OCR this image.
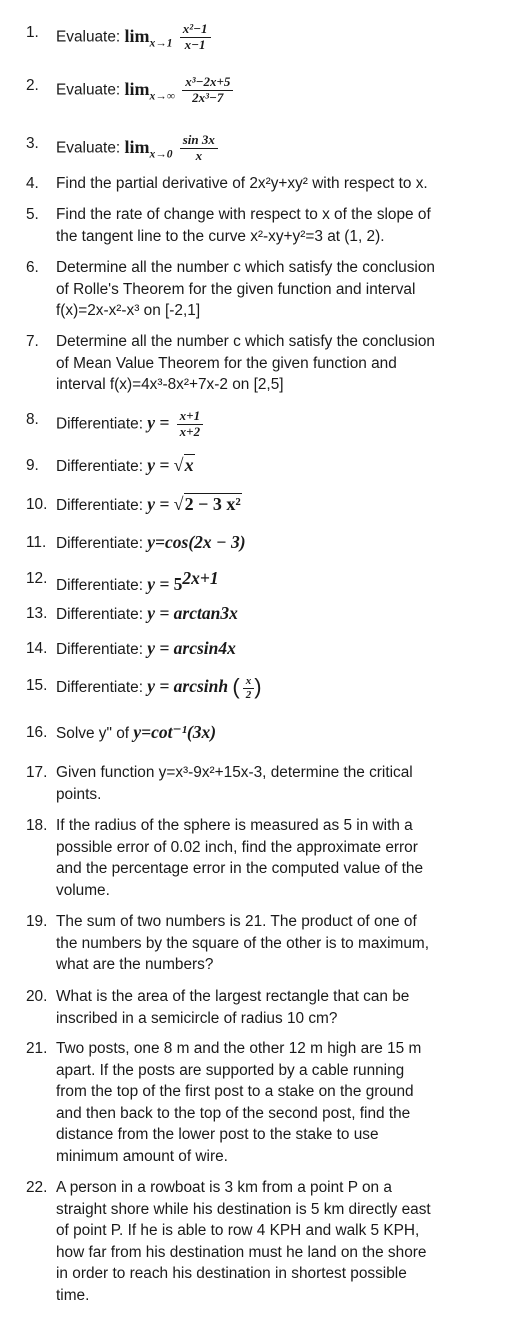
1. Evaluate: $\lim_{x\to 1} \frac{\text{x²−1}}{x-1}$
2. Evaluate: $\lim_{x\to\infty} \frac{\text{x³−2x+5}}{\text{2x³−7}}$
3. Evaluate: $\lim_{x\to 0} \frac{\sin 3x}{x}$
4. Find the partial derivative of 2x²y+xy² with respect to x.
5. Find the rate of change with respect to x of the slope of
the tangent line to the curve x²-xy+y²=3 at (1, 2).
6. Determine all the number c which satisfy the conclusion
of Rolle's Theorem for the given function and interval
f(x)=2x-x²-x³ on [-2,1]
7. Determine all the number c which satisfy the conclusion
of Mean Value Theorem for the given function and
interval f(x)=4x³-8x²+7x-2 on [2,5]
8. Differentiate: $y = \frac{x+1}{x+2}$
9. Differentiate: y = √x
10. Differentiate: y = √2 − 3 x²
11. Differentiate: y=cos(2x − 3)
12. Differentiate: $y = 5^{2x+1}$
13. Differentiate: y = arctan3x
14. Differentiate: y = arcsin4x
15. Differentiate: y = arcsinh ( $\frac{x}{2}$ )
16. Solve y" of y=cot⁻¹(3x)
17. Given function y=x³-9x²+15x-3, determine the critical
points.
18. If the radius of the sphere is measured as 5 in with a
possible error of 0.02 inch, find the approximate error
and the percentage error in the computed value of the
volume.
19. The sum of two numbers is 21. The product of one of
the numbers by the square of the other is to maximum,
what are the numbers?
20. What is the area of the largest rectangle that can be
inscribed in a semicircle of radius 10 cm?
21. Two posts, one 8 m and the other 12 m high are 15 m
apart. If the posts are supported by a cable running
from the top of the first post to a stake on the ground
and then back to the top of the second post, find the
distance from the lower post to the stake to use
minimum amount of wire.
22. A person in a rowboat is 3 km from a point P on a
straight shore while his destination is 5 km directly east
of point P. If he is able to row 4 KPH and walk 5 KPH,
how far from his destination must he land on the shore
in order to reach his destination in shortest possible
time.
